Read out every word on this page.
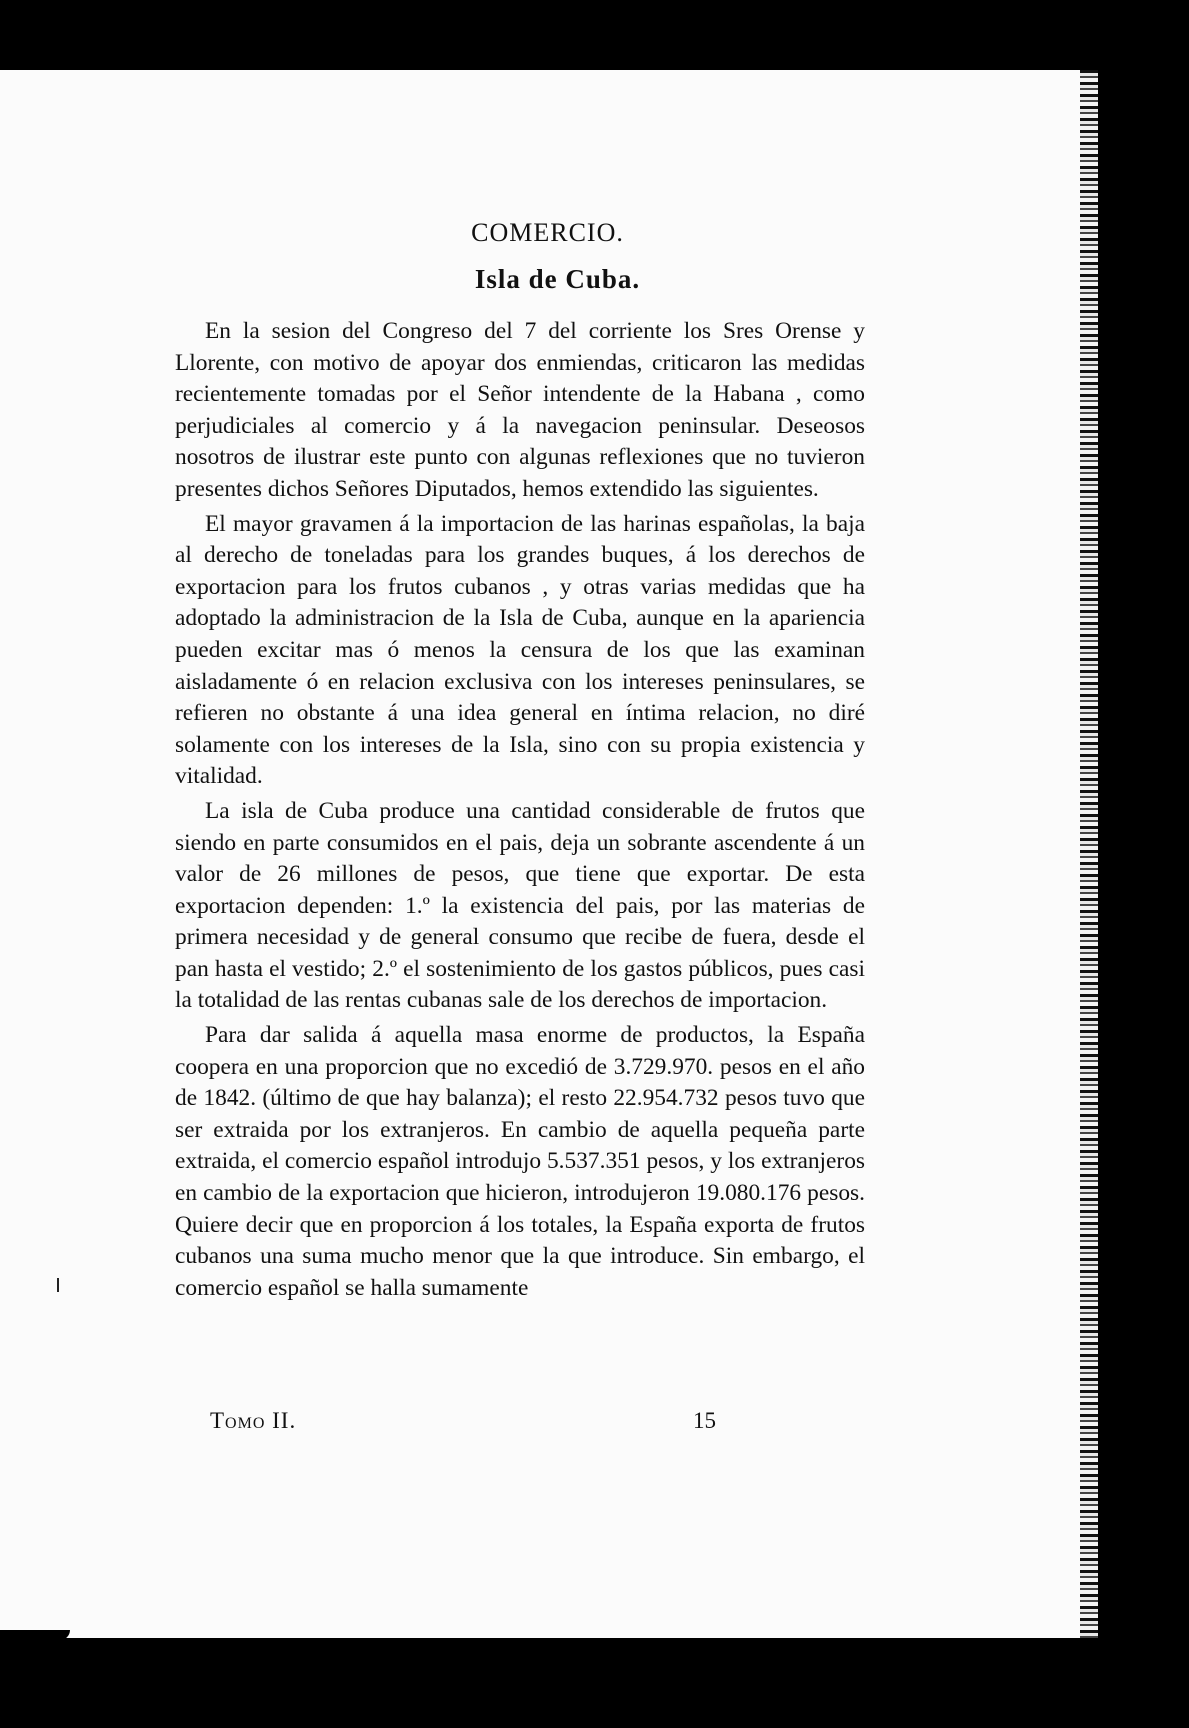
COMERCIO.
Isla de Cuba.

En la sesion del Congreso del 7 del corriente los Sres Orense y Llorente, con motivo de apoyar dos enmiendas, criticaron las medidas recientemente tomadas por el Señor intendente de la Habana , como perjudiciales al comercio y á la navegacion peninsular. Deseosos nosotros de ilustrar este punto con algunas reflexiones que no tuvieron presentes dichos Señores Diputados, hemos extendido las siguientes.

El mayor gravamen á la importacion de las harinas españolas, la baja al derecho de toneladas para los grandes buques, á los derechos de exportacion para los frutos cubanos , y otras varias medidas que ha adoptado la administracion de la Isla de Cuba, aunque en la apariencia pueden excitar mas ó menos la censura de los que las examinan aisladamente ó en relacion exclusiva con los intereses peninsulares, se refieren no obstante á una idea general en íntima relacion, no diré solamente con los intereses de la Isla, sino con su propia existencia y vitalidad.

La isla de Cuba produce una cantidad considerable de frutos que siendo en parte consumidos en el pais, deja un sobrante ascendente á un valor de 26 millones de pesos, que tiene que exportar. De esta exportacion dependen: 1.º la existencia del pais, por las materias de primera necesidad y de general consumo que recibe de fuera, desde el pan hasta el vestido; 2.º el sostenimiento de los gastos públicos, pues casi la totalidad de las rentas cubanas sale de los derechos de importacion.

Para dar salida á aquella masa enorme de productos, la España coopera en una proporcion que no excedió de 3.729.970. pesos en el año de 1842. (último de que hay balanza); el resto 22.954.732 pesos tuvo que ser extraida por los extranjeros. En cambio de aquella pequeña parte extraida, el comercio español introdujo 5.537.351 pesos, y los extranjeros en cambio de la exportacion que hicieron, introdujeron 19.080.176 pesos. Quiere decir que en proporcion á los totales, la España exporta de frutos cubanos una suma mucho menor que la que introduce. Sin embargo, el comercio español se halla sumamente

Tomo II.	15
